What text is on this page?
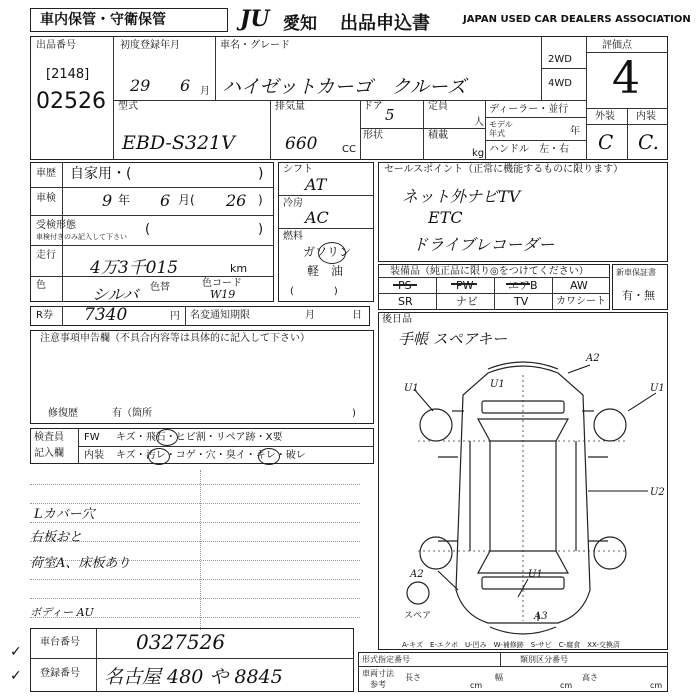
車内保管・守衛保管	JU 愛知 出品申込書	JAPAN USED CAR DEALERS ASSOCIATION
出品番号
[2148]
02526
初度登録年月
29 6 月
車名・グレード
ハイゼットカーゴ　クルーズ
2WD
4WD
型式
EBD-S321V
排気量
660 CC
ドア 5	定員
人
形状	積載
kg
ディーラー・並行
モデル
年式	年
ハンドル　左・右
評価点
4
外装 内装
C C.
車歴 自家用・(	)
車検	9 年 6 月( 26 )
受検形態
車検付きのみ記入して下さい (	)
走行
4万3千015	km
色	シルバ 色替	色コード
W19
R券 7340	円 名変通知期限	月	日
シフト
AT
冷房
AC
燃料
ガソリン
軽　油
(　　　　)
セールスポイント（正常に機能するものに限ります）
ネット外ナビTV
ETC
ドライブレコーダー
装備品（純正品に限り◎をつけてください）
PS	PW	エアB	AW
SR	ナビ	TV	カワシート
新車保証書
有・無
後日品
手帳 スペアキー
A2
U1	U1	U1
U2
A2	U1
A3
スペア
A-キズ　E-エクボ　U-凹み　W-補修跡　S-サビ　C-腐食　XX-交換済
注意事項申告欄（不具合内容等は具体的に記入して下さい）
修復歴	有（箇所	)
検査員
記入欄
FW キズ・飛石・ヒビ割・リペア跡・X要
内装 キズ・汚レ・コゲ・穴・臭イ・キレ・破レ
Lカバー穴
右板おと
荷室A、床板あり
ボディー AU
車台番号	0327526
登録番号 名古屋 480 や 8845
✓
✓
形式指定番号	類別区分番号
車両寸法
参考
長さ
cm
幅
cm
高さ
cm
